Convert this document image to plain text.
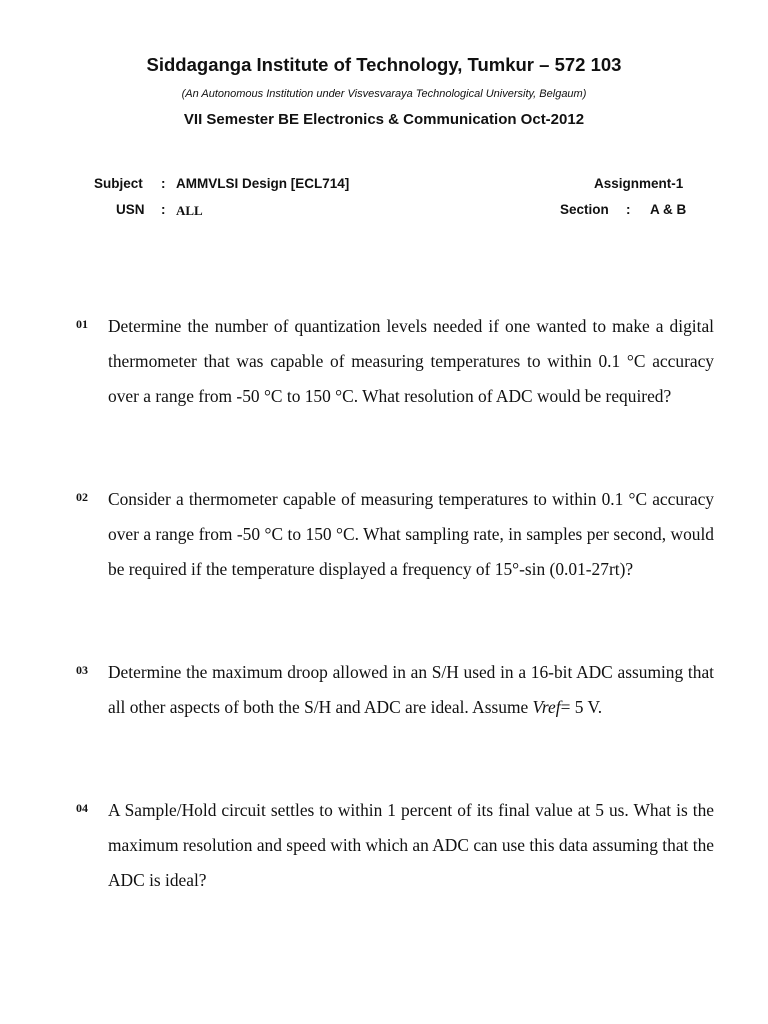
Siddaganga Institute of Technology, Tumkur – 572 103
(An Autonomous Institution under Visvesvaraya Technological University, Belgaum)
VII Semester BE Electronics & Communication Oct-2012
Subject : AMMVLSI Design [ECL714]	Assignment-1
USN : ALL	Section : A & B
01 Determine the number of quantization levels needed if one wanted to make a digital thermometer that was capable of measuring temperatures to within 0.1 °C accuracy over a range from -50 °C to 150 °C. What resolution of ADC would be required?
02 Consider a thermometer capable of measuring temperatures to within 0.1 °C accuracy over a range from -50 °C to 150 °C. What sampling rate, in samples per second, would be required if the temperature displayed a frequency of 15°-sin (0.01-27rt)?
03 Determine the maximum droop allowed in an S/H used in a 16-bit ADC assuming that all other aspects of both the S/H and ADC are ideal. Assume Vref= 5 V.
04 A Sample/Hold circuit settles to within 1 percent of its final value at 5 us. What is the maximum resolution and speed with which an ADC can use this data assuming that the ADC is ideal?
